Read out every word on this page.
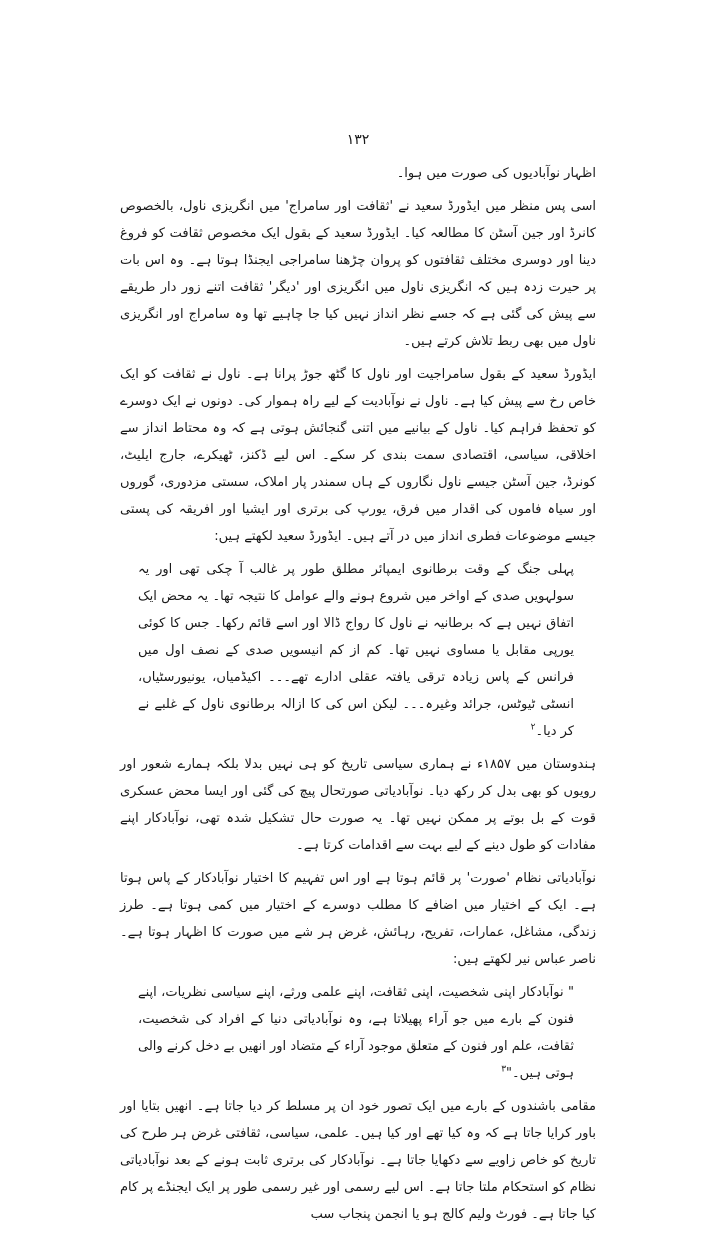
۱۳۲

اظہار نوآبادیوں کی صورت میں ہوا۔

اسی پس منظر میں ایڈورڈ سعید نے 'ثقافت اور سامراج' میں انگریزی ناول، بالخصوص کانرڈ اور جین آسٹن کا مطالعہ کیا۔ ایڈورڈ سعید کے بقول ایک مخصوص ثقافت کو فروغ دینا اور دوسری مختلف ثقافتوں کو پروان چڑھنا سامراجی ایجنڈا ہوتا ہے۔ وہ اس بات پر حیرت زدہ ہیں کہ انگریزی ناول میں انگریزی اور 'دیگر' ثقافت اتنے زور دار طریقے سے پیش کی گئی ہے کہ جسے نظر انداز نہیں کیا جا چاہیے تھا وہ سامراج اور انگریزی ناول میں بھی ربط تلاش کرتے ہیں۔

ایڈورڈ سعید کے بقول سامراجیت اور ناول کا گٹھ جوڑ پرانا ہے۔ ناول نے ثقافت کو ایک خاص رخ سے پیش کیا ہے۔ ناول نے نوآبادیت کے لیے راہ ہموار کی۔ دونوں نے ایک دوسرے کو تحفظ فراہم کیا۔ ناول کے بیانیے میں اتنی گنجائش ہوتی ہے کہ وہ محتاط انداز سے اخلاقی، سیاسی، اقتصادی سمت بندی کر سکے۔ اس لیے ڈکنز، ٹھیکرے، جارج ایلیٹ، کونرڈ، جین آسٹن جیسے ناول نگاروں کے ہاں سمندر پار املاک، سستی مزدوری، گوروں اور سیاہ فاموں کی اقدار میں فرق، یورپ کی برتری اور ایشیا اور افریقہ کی پستی جیسے موضوعات فطری انداز میں در آتے ہیں۔ ایڈورڈ سعید لکھتے ہیں:

پہلی جنگ کے وقت برطانوی ایمپائر مطلق طور پر غالب آ چکی تھی اور یہ سولہویں صدی کے اواخر میں شروع ہونے والے عوامل کا نتیجہ تھا۔ یہ محض ایک اتفاق نہیں ہے کہ برطانیہ نے ناول کا رواج ڈالا اور اسے قائم رکھا۔ جس کا کوئی یورپی مقابل یا مساوی نہیں تھا۔ کم از کم انیسویں صدی کے نصف اول میں فرانس کے پاس زیادہ ترقی یافتہ عقلی ادارے تھے۔۔۔ اکیڈمیاں، یونیورسٹیاں، انسٹی ٹیوٹس، جرائد وغیرہ۔۔۔ لیکن اس کی کا ازالہ برطانوی ناول کے غلبے نے کر دیا۔$^۲$

ہندوستان میں ۱۸۵۷ء نے ہماری سیاسی تاریخ کو ہی نہیں بدلا بلکہ ہمارے شعور اور رویوں کو بھی بدل کر رکھ دیا۔ نوآبادیاتی صورتحال پیچ کی گئی اور ایسا محض عسکری قوت کے بل بوتے پر ممکن نہیں تھا۔ یہ صورت حال تشکیل شدہ تھی، نوآبادکار اپنے مفادات کو طول دینے کے لیے بہت سے اقدامات کرتا ہے۔

نوآبادیاتی نظام 'صورت' پر قائم ہوتا ہے اور اس تفہیم کا اختیار نوآبادکار کے پاس ہوتا ہے۔ ایک کے اختیار میں اضافے کا مطلب دوسرے کے اختیار میں کمی ہوتا ہے۔ طرز زندگی، مشاغل، عمارات، تفریح، رہائش، غرض ہر شے میں صورت کا اظہار ہوتا ہے۔ ناصر عباس نیر لکھتے ہیں:

" نوآبادکار اپنی شخصیت، اپنی ثقافت، اپنے علمی ورثے، اپنے سیاسی نظریات، اپنے فنون کے بارے میں جو آراء پھیلاتا ہے، وہ نوآبادیاتی دنیا کے افراد کی شخصیت، ثقافت، علم اور فنون کے متعلق موجود آراء کے متضاد اور انھیں بے دخل کرنے والی ہوتی ہیں۔"$^۳$

مقامی باشندوں کے بارے میں ایک تصور خود ان پر مسلط کر دیا جاتا ہے۔ انھیں بتایا اور باور کرایا جاتا ہے کہ وہ کیا تھے اور کیا ہیں۔ علمی، سیاسی، ثقافتی غرض ہر طرح کی تاریخ کو خاص زاویے سے دکھایا جاتا ہے۔ نوآبادکار کی برتری ثابت ہونے کے بعد نوآبادیاتی نظام کو استحکام ملتا جاتا ہے۔ اس لیے رسمی اور غیر رسمی طور پر ایک ایجنڈے پر کام کیا جاتا ہے۔ فورٹ ولیم کالج ہو یا انجمن پنجاب سب
